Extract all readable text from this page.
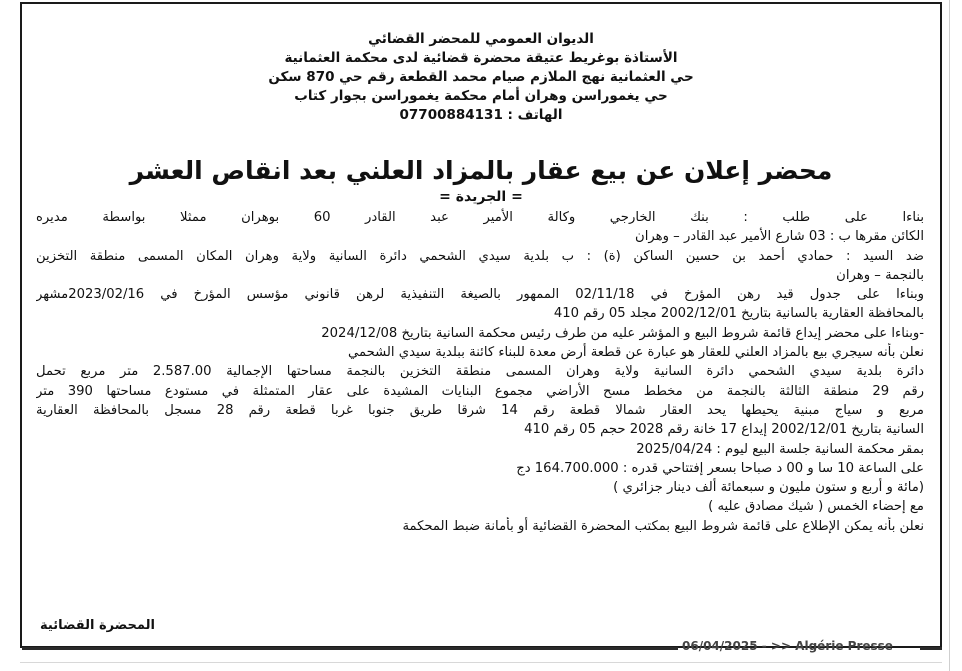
الديوان العمومي للمحضر القضائي
الأستاذة بوغريط عتيقة محضرة قضائية لدى محكمة العثمانية
حي العثمانية نهج الملازم صيام محمد القطعة رقم حي 870 سكن
حي يغموراسن وهران أمام محكمة يغموراسن بجوار كتاب
الهاتف : 07700884131
محضر إعلان عن بيع عقار بالمزاد العلني بعد انقاص العشر
= الجريدة =
بناءا على طلب : بنك الخارجي وكالة الأمير عبد القادر 60 بوهران ممثلا بواسطة مديره
الكائن مقرها ب : 03 شارع الأمير عبد القادر – وهران
ضد السيد : حمادي أحمد بن حسين الساكن (ة) : ب بلدية سيدي الشحمي دائرة السانية ولاية وهران المكان المسمى منطقة التخزين
بالنجمة – وهران
وبناءا على جدول قيد رهن المؤرخ في 02/11/18 الممهور بالصيغة التنفيذية لرهن قانوني مؤسس المؤرخ في 2023/02/16مشهر
بالمحافظة العقارية بالسانية بتاريخ 2002/12/01 مجلد 05 رقم 410
-وبناءا على محضر إيداع قائمة شروط البيع و المؤشر عليه من طرف رئيس محكمة السانية بتاريخ 2024/12/08
نعلن بأنه سيجري بيع بالمزاد العلني للعقار هو عبارة عن قطعة أرض معدة للبناء كائنة ببلدية سيدي الشحمي
دائرة بلدية سيدي الشحمي دائرة السانية ولاية وهران المسمى منطقة التخزين بالنجمة مساحتها الإجمالية 2.587.00 متر مربع تحمل
رقم 29 منطقة الثالثة بالنجمة من مخطط مسح الأراضي مجموع البنايات المشيدة على عقار المتمثلة في مستودع مساحتها 390 متر
مربع و سياج مبنية يحيطها يحد العقار شمالا قطعة رقم 14 شرقا طريق جنوبا غربا قطعة رقم 28 مسجل بالمحافظة العقارية
السانية بتاريخ 2002/12/01 إيداع 17 خانة رقم 2028 حجم 05 رقم 410
بمقر محكمة السانية جلسة البيع ليوم : 2025/04/24
على الساعة 10 سا و 00 د صباحا بسعر إفتتاحي قدره : 164.700.000 دج
(مائة و أربع و ستون مليون و سبعمائة ألف دينار جزائري )
مع إحضاء الخمس ( شيك مصادق عليه )
نعلن بأنه يمكن الإطلاع على قائمة شروط البيع بمكتب المحضرة القضائية أو بأمانة ضبط المحكمة
المحضرة القضائية
06/04/2025 - >> Algérie Presse
